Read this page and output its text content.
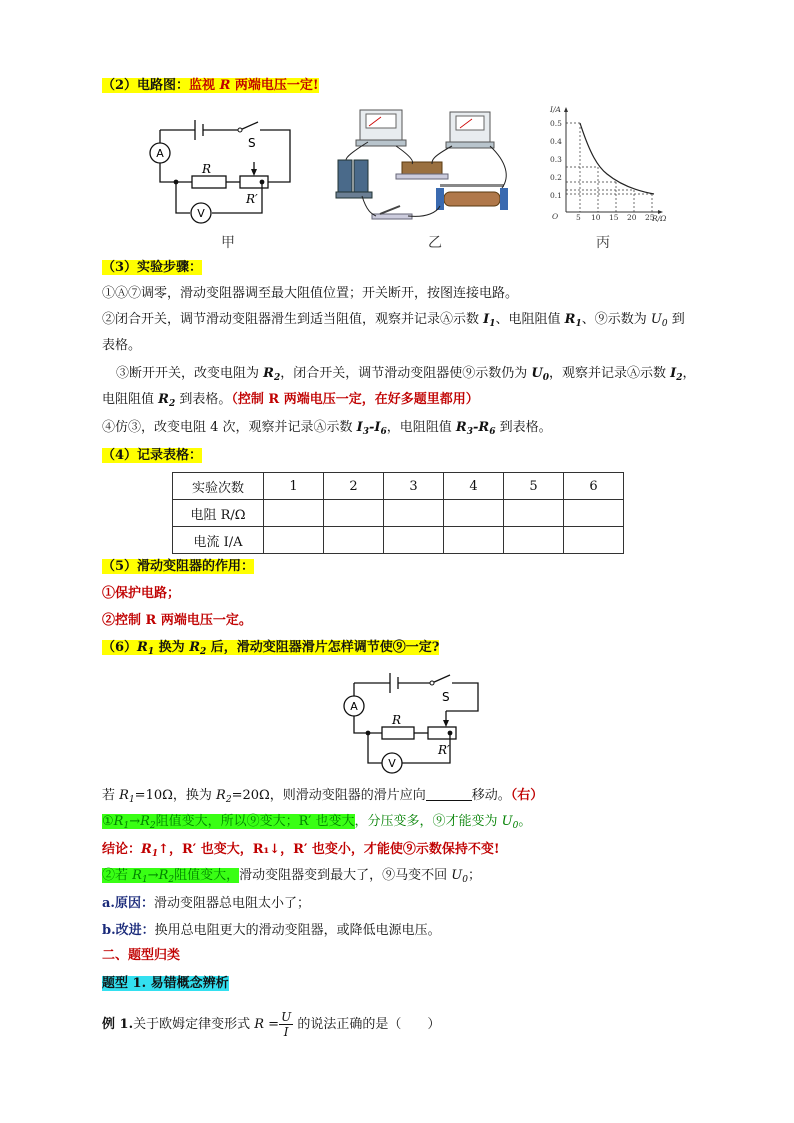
（2）电路图：监视 R 两端电压一定!
A
V
S
R
R′
甲	乙
I/A
R/Ω
O
0.5
0.4
0.3
0.2
0.1
5 10 15 20 25
丙
（3）实验步骤：
①Ⓐ⑦调零，滑动变阻器调至最大阻值位置；开关断开，按图连接电路。
②闭合开关，调节滑动变阻器滑生到适当阻值，观察并记录Ⓐ示数 $I_1$、电阻阻值 $R_1$、⑨示数为 $U_0$ 到
表格。
③断开开关，改变电阻为 $R_2$，闭合开关，调节滑动变阻器使⑨示数仍为 $U_0$，观察并记录Ⓐ示数 $I_2$，
电阻阻值 $R_2$ 到表格。（控制 R 两端电压一定，在好多题里都用）
④仿③，改变电阻 4 次，观察并记录Ⓐ示数 $I_3-I_6$，电阻阻值 $R_3-R_6$ 到表格。
（4）记录表格：
实验次数	1	2	3	4	5	6
电阻 R/Ω						
电流 I/A						
（5）滑动变阻器的作用：
①保护电路；
②控制 R 两端电压一定。
$(6)R_1$ 换为 $R_2$ 后，滑动变阻器滑片怎样调节使⑨一定?
A
V
S
R
R′
若 $R_1=10\Omega$，换为 $R_2=20\Omega$，则滑动变阻器的滑片应向	移动。（右）
$①R_1\to R_2$阻值变大，所以⑨变大；R′ 也变大，分压变多，⑨才能变为 $U_0$。
结论：$R_1↑$，R′ 也变大，R₁↓，R′ 也变小，才能使⑨示数保持不变!
②若 $R_1\to R_2$阻值变大，滑动变阻器变到最大了，⑨马变不回 $U_0$；
a.原因：滑动变阻器总电阻太小了；
b.改进：换用总电阻更大的滑动变阻器，或降低电源电压。
二、题型归类
题型 1. 易错概念辨析
例 1.关于欧姆定律变形式 $R = \frac{U}{I}$ 的说法正确的是（　　）
